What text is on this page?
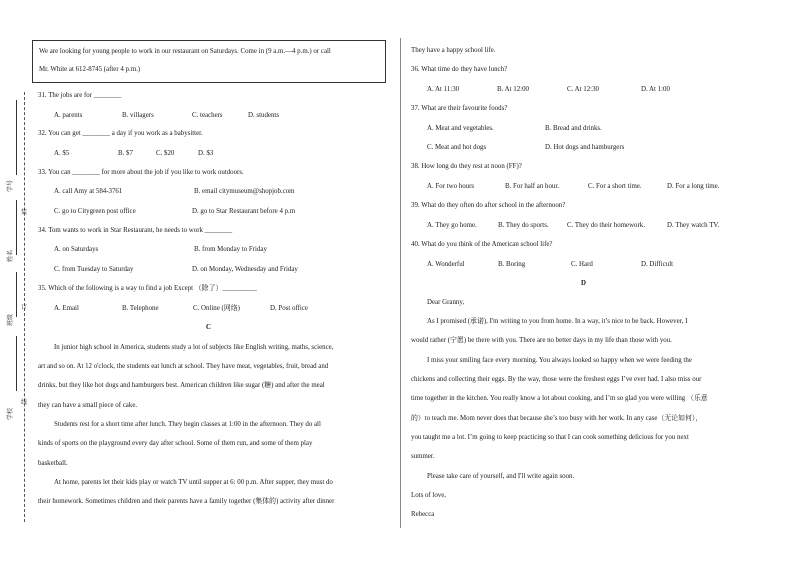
学号
姓名
班级
学校
装
订
线

We are looking for young people to work in our restaurant on Saturdays. Come in (9 a.m.—4 p.m.) or call

Mr. White at 612-8745 (after 4 p.m.)

31. The jobs are for ________
A. parents	B. villagers	C. teachers	D. students
32. You can get ________ a day if you work as a babysitter.
A. $5	B. $7	C. $20	D. $3
33. You can ________ for more about the job if you like to work outdoors.
A. call Amy at 584-3761	B. email citymuseum@shopjob.com
C. go to Citygreen post office	D. go to Star Restaurant before 4 p.m
34. Tom wants to work in Star Restaurant, he needs to work ________
A. on Saturdays	B. from Monday to Friday
C. from Tuesday to Saturday	D. on Monday, Wednesday and Friday
35. Which of the following is a way to find a job Except （除了）__________
A. Email	B. Telephone	C. Online (网络)	D. Post office
C
In junior high school in America, students study a lot of subjects like English writing, maths, science,
art and so on. At 12 o'clock, the students eat lunch at school. They have meat, vegetables, fruit, bread and
drinks, but they like hot dogs and hamburgers best. American children like sugar (糖) and after the meal
they can have a small piece of cake.
Students rest for a short time after lunch. They begin classes at 1:00 in the afternoon. They do all
kinds of sports on the playground every day after school. Some of them run, and some of them play
basketball.
At home, parents let their kids play or watch TV until supper at 6: 00 p.m. After supper, they must do
their homework. Sometimes children and their parents have a family together (集体的) activity after dinner
They have a happy school life.
36. What time do they have lunch?
A. At 11:30	B. At 12:00	C. At 12:30	D. At 1:00
37. What are their favourite foods?
A. Meat and vegetables.	B. Bread and drinks.
C. Meat and hot dogs	D. Hot dogs and hamburgers
38. How long do they rest at noon (FF)?
A. For two hours	B. For half an hour.	C. For a short time.	D. For a long time.
39. What do they often do after school in the afternoon?
A. They go home.	B. They do sports.	C. They do their homework.	D. They watch TV.
40. What do you think of the American school life?
A. Wonderful	B. Boring	C. Hard	D. Difficult
D
Dear Granny,
As I promised (承诺), I'm writing to you from home. In a way, it’s nice to be back. However, I
would rather (宁愿) be there with you. There are no better days in my life than those with you.
I miss your smiling face every morning. You always looked so happy when we were feeding the
chickens and collecting their eggs. By the way, those were the freshest eggs I’ve ever had. I also miss our
time together in the kitchen. You really know a lot about cooking, and I’m so glad you were willing （乐意
的）to teach me. Mom never does that because she’s too busy with her work. In any case（无论如何），
you taught me a lot. I’m going to keep practicing so that I can cook something delicious for you next
summer.
Please take care of yourself, and I'll write again soon.
Lots of love,
Rebecca
